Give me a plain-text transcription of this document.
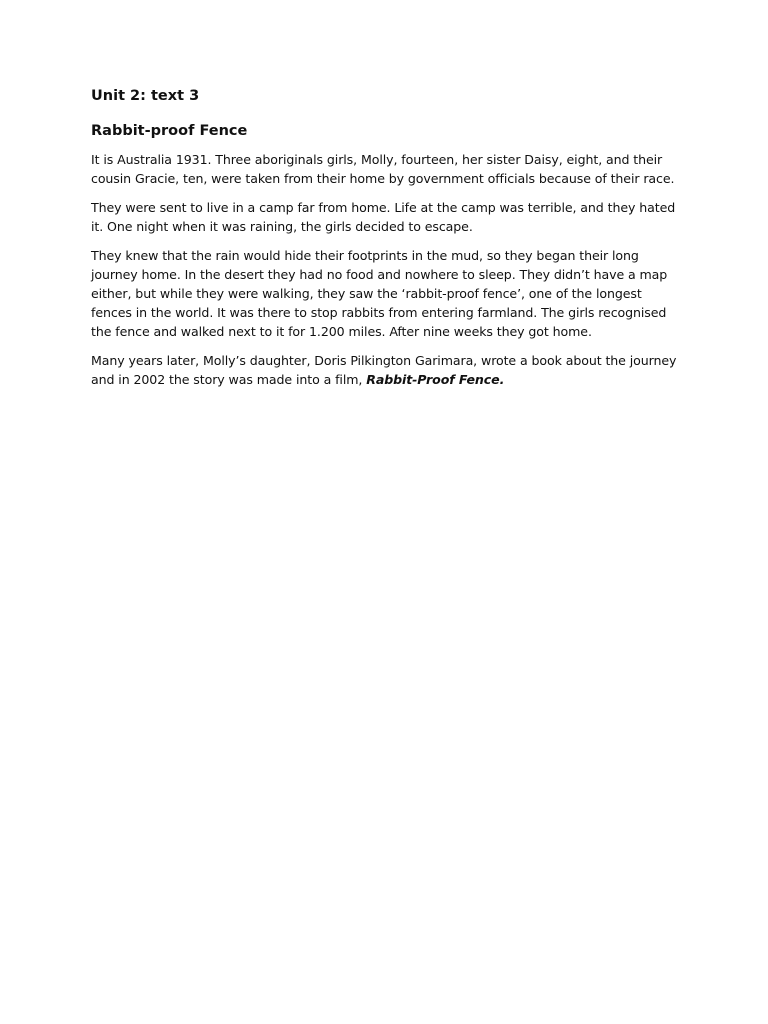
Unit 2: text 3
Rabbit-proof Fence

It is Australia 1931. Three aboriginals girls, Molly, fourteen, her sister Daisy, eight, and their cousin Gracie, ten, were taken from their home by government officials because of their race.

They were sent to live in a camp far from home. Life at the camp was terrible, and they hated it. One night when it was raining, the girls decided to escape.

They knew that the rain would hide their footprints in the mud, so they began their long journey home. In the desert they had no food and nowhere to sleep. They didn’t have a map either, but while they were walking, they saw the ‘rabbit-proof fence’, one of the longest fences in the world. It was there to stop rabbits from entering farmland. The girls recognised the fence and walked next to it for 1.200 miles. After nine weeks they got home.

Many years later, Molly’s daughter, Doris Pilkington Garimara, wrote a book about the journey and in 2002 the story was made into a film, Rabbit-Proof Fence.
